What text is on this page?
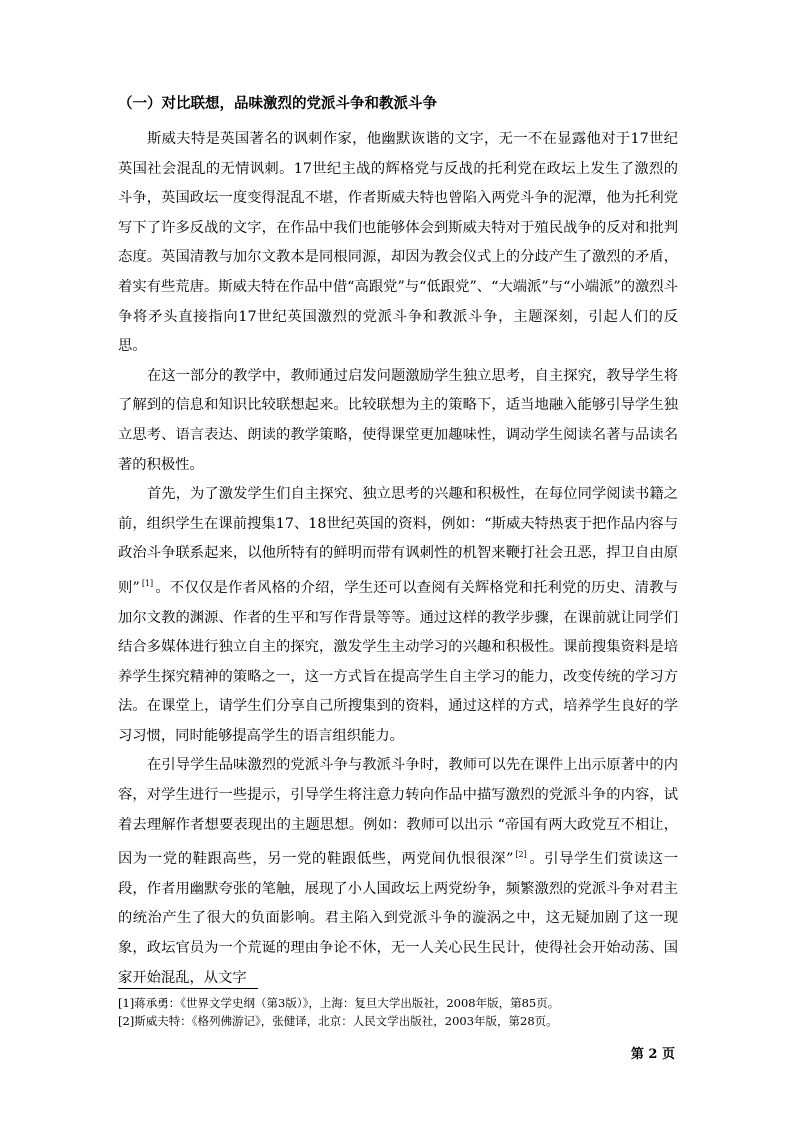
（一）对比联想，品味激烈的党派斗争和教派斗争

斯威夫特是英国著名的讽刺作家，他幽默诙谐的文字，无一不在显露他对于17世纪英国社会混乱的无情讽刺。17世纪主战的辉格党与反战的托利党在政坛上发生了激烈的斗争，英国政坛一度变得混乱不堪，作者斯威夫特也曾陷入两党斗争的泥潭，他为托利党写下了许多反战的文字，在作品中我们也能够体会到斯威夫特对于殖民战争的反对和批判态度。英国清教与加尔文教本是同根同源，却因为教会仪式上的分歧产生了激烈的矛盾，着实有些荒唐。斯威夫特在作品中借“高跟党”与“低跟党”、“大端派”与“小端派”的激烈斗争将矛头直接指向17世纪英国激烈的党派斗争和教派斗争，主题深刻，引起人们的反思。

在这一部分的教学中，教师通过启发问题激励学生独立思考，自主探究，教导学生将了解到的信息和知识比较联想起来。比较联想为主的策略下，适当地融入能够引导学生独立思考、语言表达、朗读的教学策略，使得课堂更加趣味性，调动学生阅读名著与品读名著的积极性。

首先，为了激发学生们自主探究、独立思考的兴趣和积极性，在每位同学阅读书籍之前，组织学生在课前搜集17、18世纪英国的资料，例如：“斯威夫特热衷于把作品内容与政治斗争联系起来，以他所特有的鲜明而带有讽刺性的机智来鞭打社会丑恶，捍卫自由原则” [1] 。不仅仅是作者风格的介绍，学生还可以查阅有关辉格党和托利党的历史、清教与加尔文教的渊源、作者的生平和写作背景等等。通过这样的教学步骤，在课前就让同学们结合多媒体进行独立自主的探究，激发学生主动学习的兴趣和积极性。课前搜集资料是培养学生探究精神的策略之一，这一方式旨在提高学生自主学习的能力，改变传统的学习方法。在课堂上，请学生们分享自己所搜集到的资料，通过这样的方式，培养学生良好的学习习惯，同时能够提高学生的语言组织能力。

在引导学生品味激烈的党派斗争与教派斗争时，教师可以先在课件上出示原著中的内容，对学生进行一些提示，引导学生将注意力转向作品中描写激烈的党派斗争的内容，试着去理解作者想要表现出的主题思想。例如：教师可以出示 “帝国有两大政党互不相让，因为一党的鞋跟高些，另一党的鞋跟低些，两党间仇恨很深” [2] 。引导学生们赏读这一段，作者用幽默夸张的笔触，展现了小人国政坛上两党纷争，频繁激烈的党派斗争对君主的统治产生了很大的负面影响。君主陷入到党派斗争的漩涡之中，这无疑加剧了这一现象，政坛官员为一个荒诞的理由争论不休，无一人关心民生民计，使得社会开始动荡、国家开始混乱，从文字

[1]蒋承勇：《世界文学史纲（第3版）》，上海：复旦大学出版社，2008年版，第85页。

[2]斯威夫特：《格列佛游记》，张健译，北京：人民文学出版社，2003年版，第28页。

第 2 页
